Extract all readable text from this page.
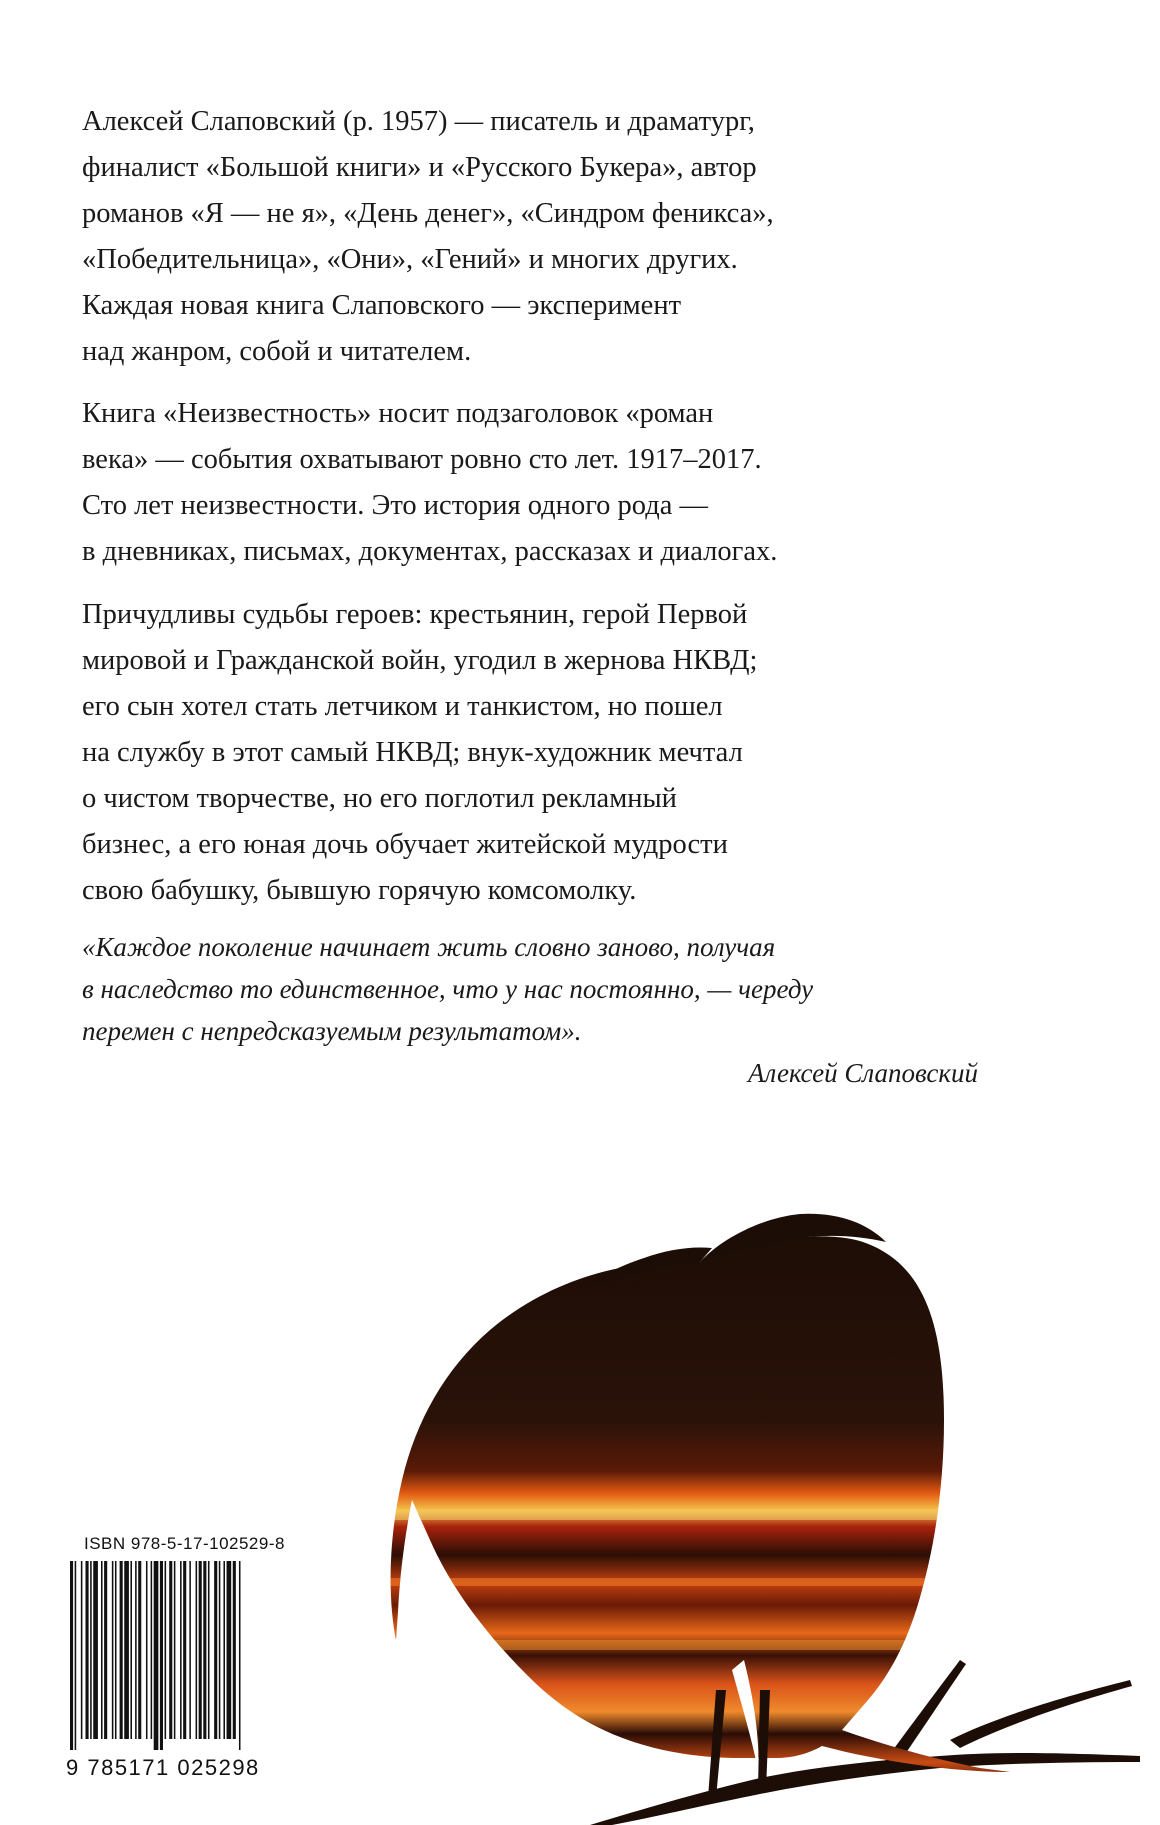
Алексей Слаповский (р. 1957) — писатель и драматург,
финалист «Большой книги» и «Русского Букера», автор
романов «Я — не я», «День денег», «Синдром феникса»,
«Победительница», «Они», «Гений» и многих других.
Каждая новая книга Слаповского — эксперимент
над жанром, собой и читателем.
Книга «Неизвестность» носит подзаголовок «роман
века» — события охватывают ровно сто лет. 1917–2017.
Сто лет неизвестности. Это история одного рода —
в дневниках, письмах, документах, рассказах и диалогах.
Причудливы судьбы героев: крестьянин, герой Первой
мировой и Гражданской войн, угодил в жернова НКВД;
его сын хотел стать летчиком и танкистом, но пошел
на службу в этот самый НКВД; внук-художник мечтал
о чистом творчестве, но его поглотил рекламный
бизнес, а его юная дочь обучает житейской мудрости
свою бабушку, бывшую горячую комсомолку.
«Каждое поколение начинает жить словно заново, получая
в наследство то единственное, что у нас постоянно, — череду
перемен с непредсказуемым результатом».
Алексей Слаповский
ISBN 978-5-17-102529-8
9 785171 025298
